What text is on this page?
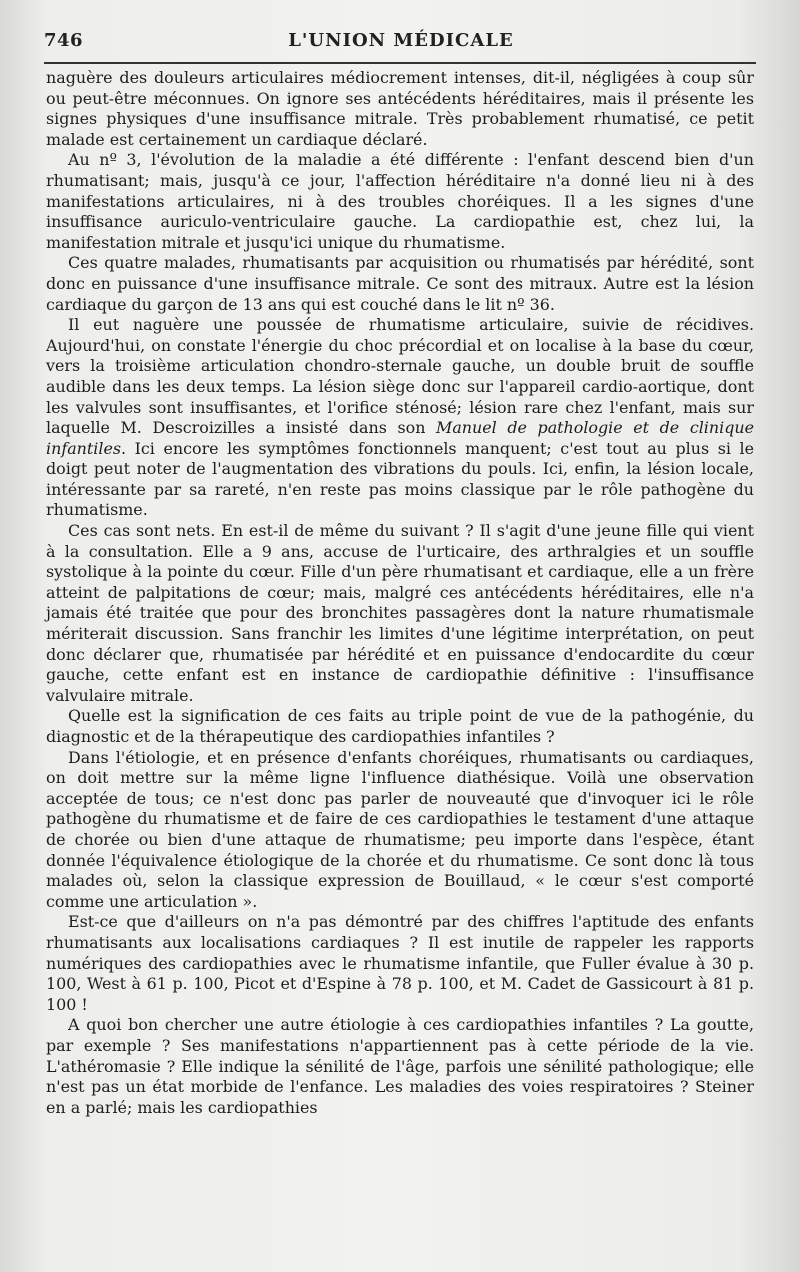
746	L'UNION MÉDICALE

naguère des douleurs articulaires médiocrement intenses, dit-il, négligées à coup sûr ou peut-être méconnues. On ignore ses antécédents héréditaires, mais il présente les signes physiques d'une insuffisance mitrale. Très probablement rhumatisé, ce petit malade est certainement un cardiaque déclaré.

Au nº 3, l'évolution de la maladie a été différente : l'enfant descend bien d'un rhumatisant; mais, jusqu'à ce jour, l'affection héréditaire n'a donné lieu ni à des manifestations articulaires, ni à des troubles choréiques. Il a les signes d'une insuffisance auriculo-ventriculaire gauche. La cardiopathie est, chez lui, la manifestation mitrale et jusqu'ici unique du rhumatisme.

Ces quatre malades, rhumatisants par acquisition ou rhumatisés par hérédité, sont donc en puissance d'une insuffisance mitrale. Ce sont des mitraux. Autre est la lésion cardiaque du garçon de 13 ans qui est couché dans le lit nº 36.

Il eut naguère une poussée de rhumatisme articulaire, suivie de récidives. Aujourd'hui, on constate l'énergie du choc précordial et on localise à la base du cœur, vers la troisième articulation chondro-sternale gauche, un double bruit de souffle audible dans les deux temps. La lésion siège donc sur l'appareil cardio-aortique, dont les valvules sont insuffisantes, et l'orifice sténosé; lésion rare chez l'enfant, mais sur laquelle M. Descroizilles a insisté dans son Manuel de pathologie et de clinique infantiles. Ici encore les symptômes fonctionnels manquent; c'est tout au plus si le doigt peut noter de l'augmentation des vibrations du pouls. Ici, enfin, la lésion locale, intéressante par sa rareté, n'en reste pas moins classique par le rôle pathogène du rhumatisme.

Ces cas sont nets. En est-il de même du suivant ? Il s'agit d'une jeune fille qui vient à la consultation. Elle a 9 ans, accuse de l'urticaire, des arthralgies et un souffle systolique à la pointe du cœur. Fille d'un père rhumatisant et cardiaque, elle a un frère atteint de palpitations de cœur; mais, malgré ces antécédents héréditaires, elle n'a jamais été traitée que pour des bronchites passagères dont la nature rhumatismale mériterait discussion. Sans franchir les limites d'une légitime interprétation, on peut donc déclarer que, rhumatisée par hérédité et en puissance d'endocardite du cœur gauche, cette enfant est en instance de cardiopathie définitive : l'insuffisance valvulaire mitrale.

Quelle est la signification de ces faits au triple point de vue de la pathogénie, du diagnostic et de la thérapeutique des cardiopathies infantiles ?

Dans l'étiologie, et en présence d'enfants choréiques, rhumatisants ou cardiaques, on doit mettre sur la même ligne l'influence diathésique. Voilà une observation acceptée de tous; ce n'est donc pas parler de nouveauté que d'invoquer ici le rôle pathogène du rhumatisme et de faire de ces cardiopathies le testament d'une attaque de chorée ou bien d'une attaque de rhumatisme; peu importe dans l'espèce, étant donnée l'équivalence étiologique de la chorée et du rhumatisme. Ce sont donc là tous malades où, selon la classique expression de Bouillaud, « le cœur s'est comporté comme une articulation ».

Est-ce que d'ailleurs on n'a pas démontré par des chiffres l'aptitude des enfants rhumatisants aux localisations cardiaques ? Il est inutile de rappeler les rapports numériques des cardiopathies avec le rhumatisme infantile, que Fuller évalue à 30 p. 100, West à 61 p. 100, Picot et d'Espine à 78 p. 100, et M. Cadet de Gassicourt à 81 p. 100 !

A quoi bon chercher une autre étiologie à ces cardiopathies infantiles ? La goutte, par exemple ? Ses manifestations n'appartiennent pas à cette période de la vie. L'athéromasie ? Elle indique la sénilité de l'âge, parfois une sénilité pathologique; elle n'est pas un état morbide de l'enfance. Les maladies des voies respiratoires ? Steiner en a parlé; mais les cardiopathies
